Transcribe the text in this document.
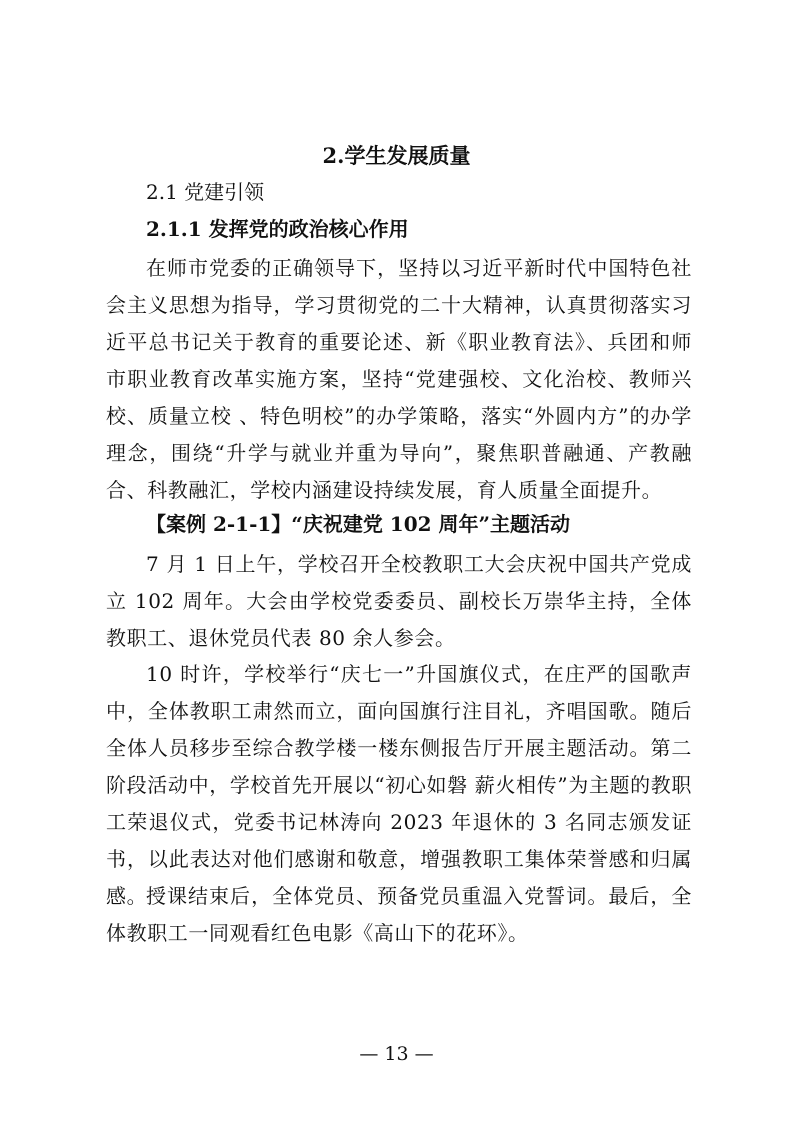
2.学生发展质量
2.1 党建引领
2.1.1 发挥党的政治核心作用
在师市党委的正确领导下，坚持以习近平新时代中国特色社会主义思想为指导，学习贯彻党的二十大精神，认真贯彻落实习近平总书记关于教育的重要论述、新《职业教育法》、兵团和师市职业教育改革实施方案，坚持“党建强校、文化治校、教师兴校、质量立校 、特色明校”的办学策略，落实“外圆内方”的办学理念，围绕“升学与就业并重为导向”，聚焦职普融通、产教融合、科教融汇，学校内涵建设持续发展，育人质量全面提升。
【案例 2-1-1】“庆祝建党 102 周年”主题活动
7 月 1 日上午，学校召开全校教职工大会庆祝中国共产党成立 102 周年。大会由学校党委委员、副校长万崇华主持，全体教职工、退休党员代表 80 余人参会。
10 时许，学校举行“庆七一”升国旗仪式，在庄严的国歌声中，全体教职工肃然而立，面向国旗行注目礼，齐唱国歌。随后全体人员移步至综合教学楼一楼东侧报告厅开展主题活动。第二阶段活动中，学校首先开展以“初心如磐 薪火相传”为主题的教职工荣退仪式，党委书记林涛向 2023 年退休的 3 名同志颁发证书，以此表达对他们感谢和敬意，增强教职工集体荣誉感和归属感。
授课结束后，全体党员、预备党员重温入党誓词。最后，全体教职工一同观看红色电影《高山下的花环》。
— 13 —
